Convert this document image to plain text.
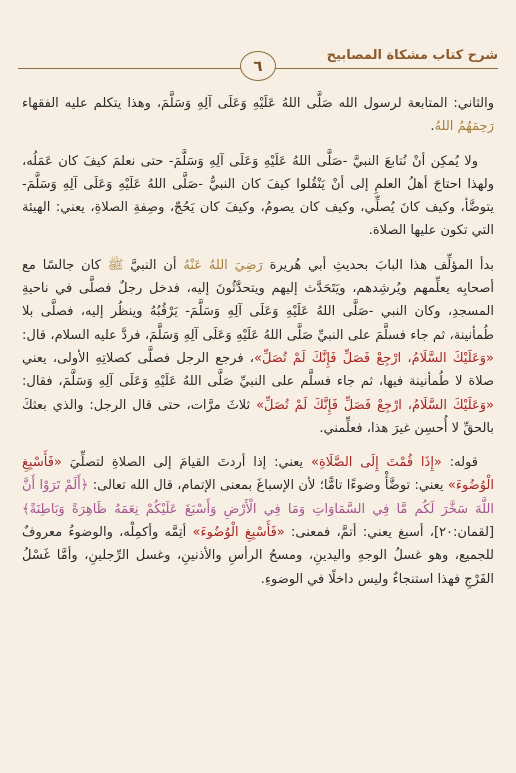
شرح كتاب مشكاة المصابيح
٦

والثاني: المتابعة لرسول الله صَلَّى اللهُ عَلَيْهِ وَعَلَى آلِهِ وَسَلَّمَ، وهذا يتكلم عليه الفقهاء رَحِمَهُمُ اللهُ.

ولا يُمكِن أنْ نُتابعَ النبيَّ -صَلَّى اللهُ عَلَيْهِ وَعَلَى آلِهِ وَسَلَّمَ- حتى نعلمَ كيفَ كان عَمَلُه، ولهذا احتاجَ أهلُ العلمِ إلى أنْ يَنْقُلوا كيفَ كان النبيُّ -صَلَّى اللهُ عَلَيْهِ وَعَلَى آلِهِ وَسَلَّمَ- يتوضَّأ، وكيف كانَ يُصلِّي، وكيف كان يصومُ، وكيفَ كان يَحُجّ، وصِفةِ الصلاةِ، يعني: الهيئة التي تكون عليها الصلاة.

بدأ المؤلِّف هذا البابَ بحديثِ أبي هُريرة رَضِيَ اللهُ عَنْهُ أن النبيَّ ﷺ كان جالسًا مع أصحابِه يعلِّمهم ويُرشِدهم، ويَتَحَدَّث إليهم ويتحدَّثُونَ إليه، فدخل رجلٌ فصلَّى في ناحيةِ المسجدِ، وكان النبي -صَلَّى اللهُ عَلَيْهِ وَعَلَى آلِهِ وَسَلَّمَ- يَرْقُبُهُ وينظُر إليه، فصلَّى بلا طُمأنينة، ثم جاء فسلَّمَ على النبيِّ صَلَّى اللهُ عَلَيْهِ وَعَلَى آلِهِ وَسَلَّمَ، فردَّ عليه السلام، قال: «وَعَلَيْكَ السَّلَامُ، ارْجِعْ فَصَلِّ فَإِنَّكَ لَمْ تُصَلِّ»، فرجع الرجل فصلَّى كصلاتِهِ الأولى، يعني صلاة لا طُمأنينة فيها، ثم جاء فسلَّم على النبيِّ صَلَّى اللهُ عَلَيْهِ وَعَلَى آلِهِ وَسَلَّمَ، فقال: «وَعَلَيْكَ السَّلَامُ، ارْجِعْ فَصَلِّ فَإِنَّكَ لَمْ تُصَلِّ» ثلاثَ مرَّات، حتى قال الرجل: والذي بعثكَ بالحقِّ لا أُحسِن غيرَ هذا، فعلِّمني.

قوله: «إِذَا قُمْتَ إِلَى الصَّلَاةِ» يعني: إذا أردتَ القيامَ إلى الصلاةِ لتصلِّيَ «فَأَسْبِغِ الْوُضُوءَ» يعني: توضَّأْ وضوءًا تامًّا؛ لأن الإسباغَ بمعنى الإتمام، قال الله تعالى: ﴿أَلَمْ تَرَوْا أَنَّ اللَّهَ سَخَّرَ لَكُم مَّا فِي السَّمَاوَاتِ وَمَا فِي الْأَرْضِ وَأَسْبَغَ عَلَيْكُمْ نِعَمَهُ ظَاهِرَةً وَبَاطِنَةً﴾ [لقمان:٢٠]، أسبغ يعني: أتمَّ، فمعنى: «فَأَسْبِغِ الْوُضُوءَ» أتِمَّه وأكمِلْه، والوضوءُ معروفٌ للجميع، وهو غسلُ الوجهِ واليدينِ، ومسحُ الرأسِ والأذنينِ، وغسل الرِّجلينِ، وأمَّا غَسْلُ الفَرْجِ فهذا استنجاءٌ وليس داخلًا في الوضوءِ.
